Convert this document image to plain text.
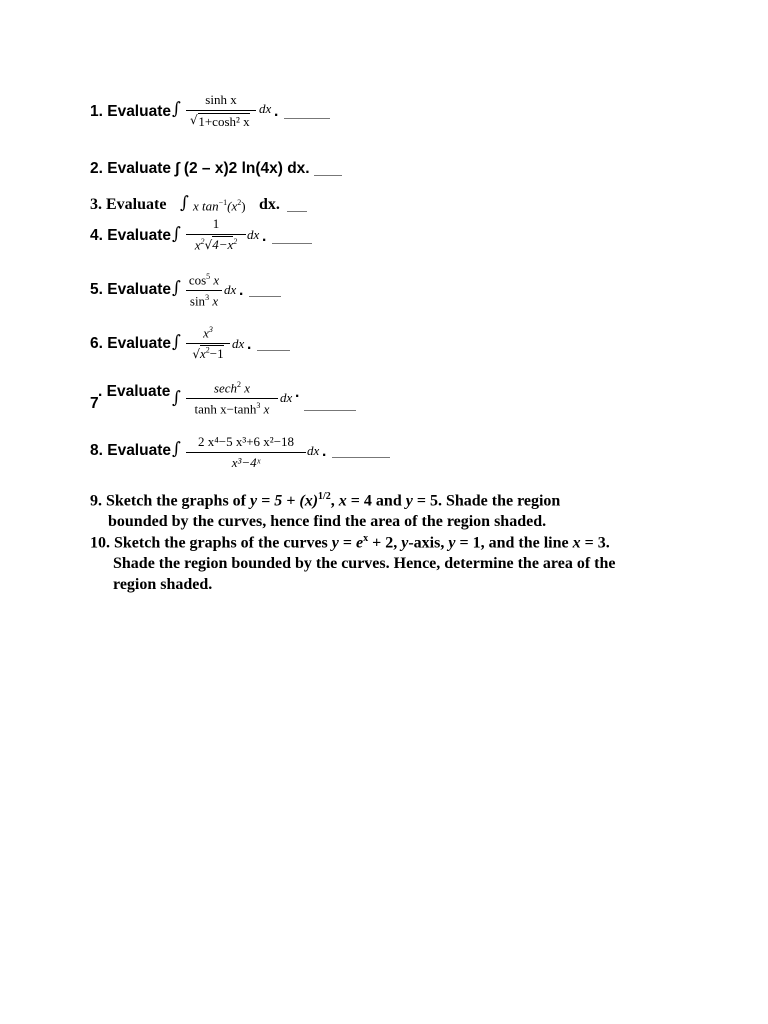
1. Evaluate ∫	sinh x
√ 1+cosh² x
dx .
2. Evaluate ∫ (2 – x)2 ln(4x) dx.
3. Evaluate ∫ x $\tan^{-1}(x^2)$ dx.
4. Evaluate ∫
1
$x^2√4-x^2$ dx .
5. Evaluate ∫ $\cos^5 x$
$\sin^3 x$
dx .
6. Evaluate ∫	$x^3$
$√x^2-1$
dx .
7
. Evaluate ∫
sech$^2$ x
$\tanh x-\tanh^3$ x
dx ·
8. Evaluate ∫	2 x⁴−5 x³+6 x²−18
x³−4ˣ
dx .
9. Sketch the graphs of $y = 5 + (x)^{1/2}$, x = 4 and y = 5. Shade the region
bounded by the curves, hence find the area of the region shaded.
10. Sketch the graphs of the curves $y = e^x + 2$, y-axis, y = 1, and the line x = 3.
Shade the region bounded by the curves. Hence, determine the area of the
region shaded.
